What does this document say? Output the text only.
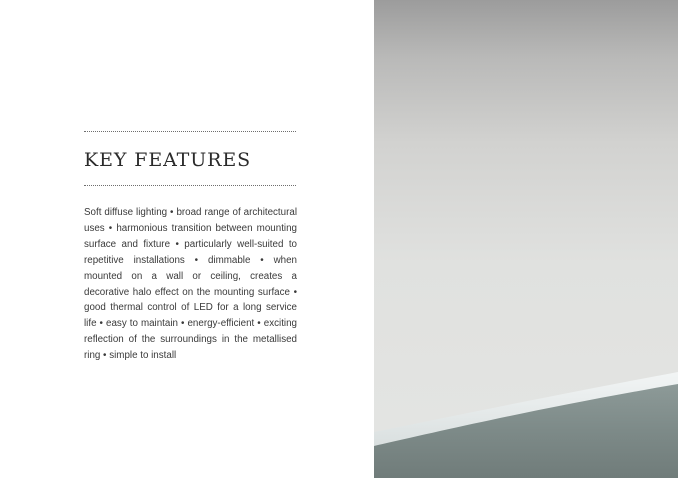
KEY FEATURES

Soft diffuse lighting • broad range of architectural uses • harmonious transition between mounting surface and fixture • particularly well-suited to repetitive installations • dimmable • when mounted on a wall or ceiling, creates a decorative halo effect on the mounting surface • good thermal control of LED for a long service life • easy to maintain • energy-efficient • exciting reflection of the surroundings in the metallised ring • simple to install
